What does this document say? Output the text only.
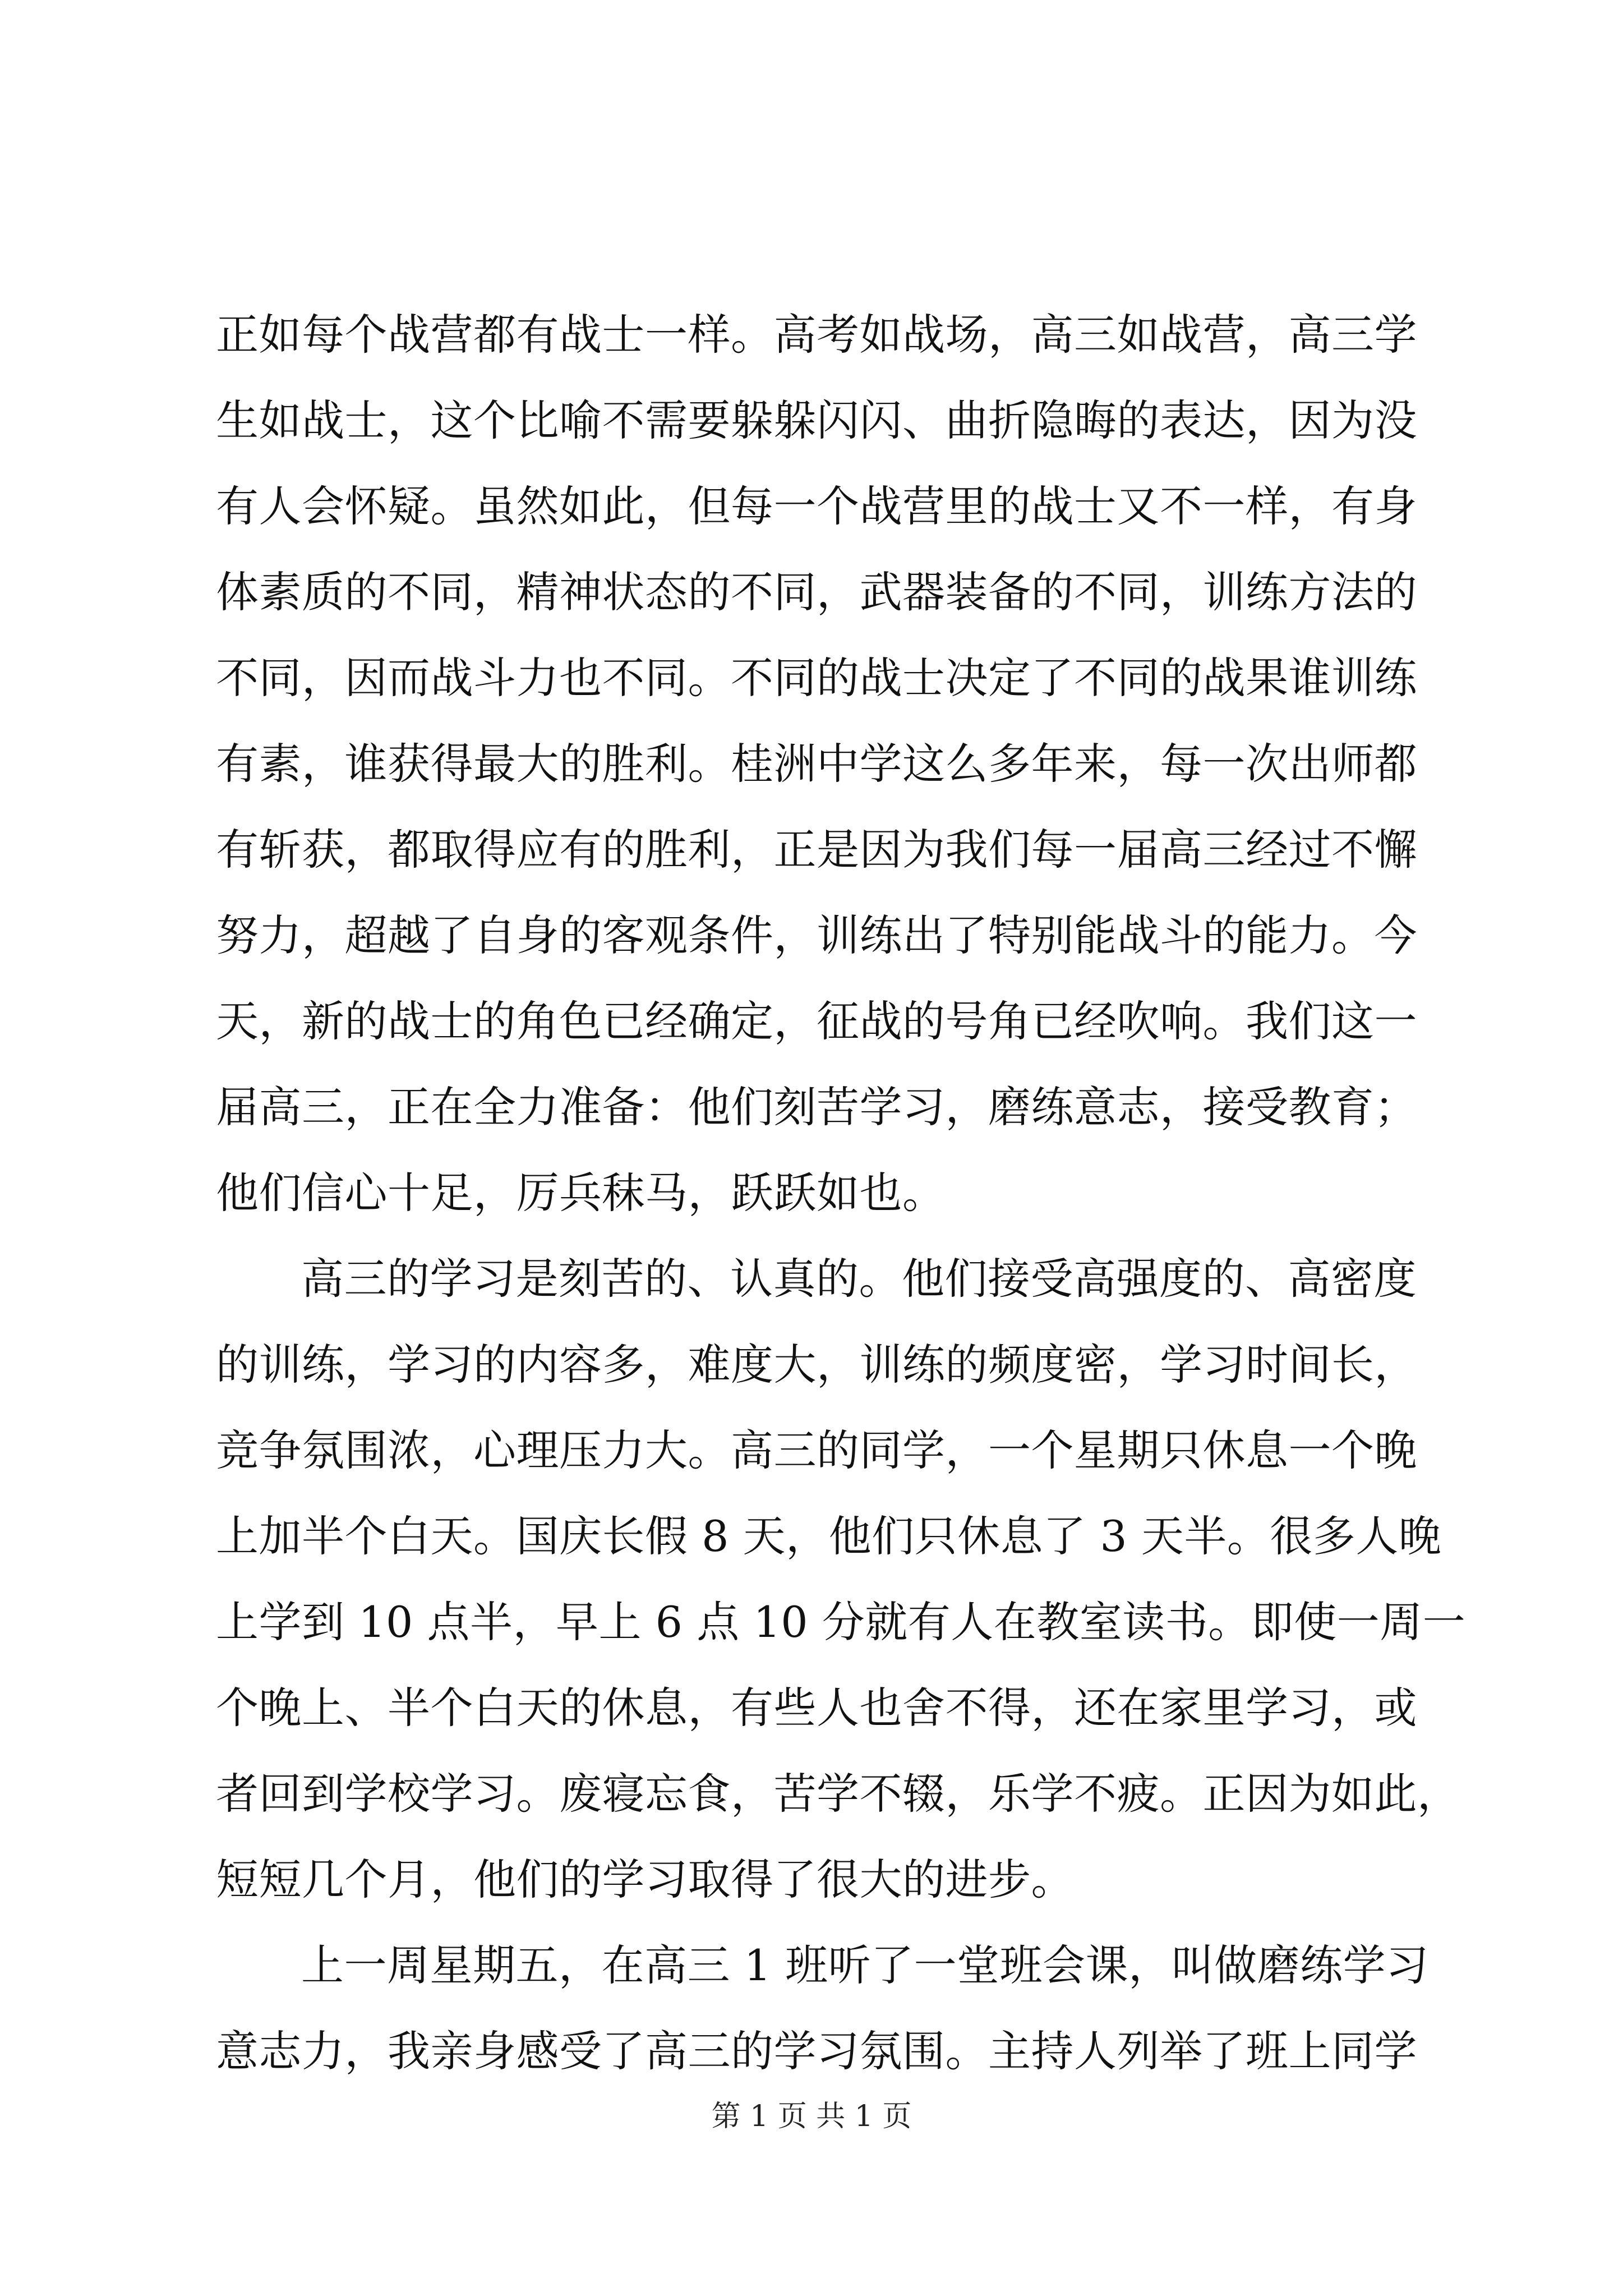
正如每个战营都有战士一样。高考如战场，高三如战营，高三学
生如战士，这个比喻不需要躲躲闪闪、曲折隐晦的表达，因为没
有人会怀疑。虽然如此，但每一个战营里的战士又不一样，有身
体素质的不同，精神状态的不同，武器装备的不同，训练方法的
不同，因而战斗力也不同。不同的战士决定了不同的战果谁训练
有素，谁获得最大的胜利。桂洲中学这么多年来，每一次出师都
有斩获，都取得应有的胜利，正是因为我们每一届高三经过不懈
努力，超越了自身的客观条件，训练出了特别能战斗的能力。今
天，新的战士的角色已经确定，征战的号角已经吹响。我们这一
届高三，正在全力准备：他们刻苦学习，磨练意志，接受教育；
他们信心十足，厉兵秣马，跃跃如也。
高三的学习是刻苦的、认真的。他们接受高强度的、高密度
的训练，学习的内容多，难度大，训练的频度密，学习时间长，
竞争氛围浓，心理压力大。高三的同学，一个星期只休息一个晚
上加半个白天。国庆长假 8 天，他们只休息了 3 天半。很多人晚
上学到 10 点半，早上 6 点 10 分就有人在教室读书。即使一周一
个晚上、半个白天的休息，有些人也舍不得，还在家里学习，或
者回到学校学习。废寝忘食，苦学不辍，乐学不疲。正因为如此，
短短几个月，他们的学习取得了很大的进步。
上一周星期五，在高三 1 班听了一堂班会课，叫做磨练学习
意志力，我亲身感受了高三的学习氛围。主持人列举了班上同学
第 1 页 共 1 页
